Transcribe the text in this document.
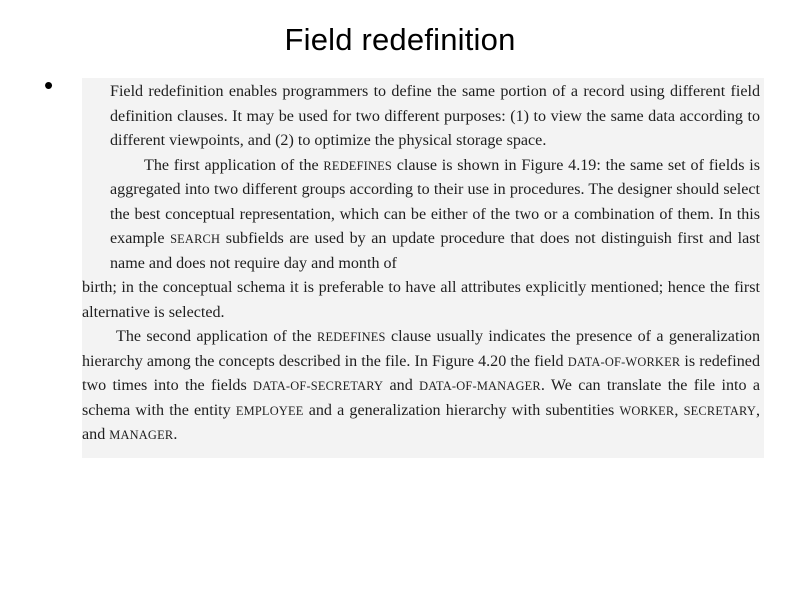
Field redefinition
•	Field redefinition enables programmers to define the same portion of a record using different field definition clauses. It may be used for two different purposes: (1) to view the same data according to different viewpoints, and (2) to optimize the physical storage space.

The first application of the REDEFINES clause is shown in Figure 4.19: the same set of fields is aggregated into two different groups according to their use in procedures. The designer should select the best conceptual representation, which can be either of the two or a combination of them. In this example SEARCH subfields are used by an update procedure that does not distinguish first and last name and does not require day and month of

birth; in the conceptual schema it is preferable to have all attributes explicitly mentioned; hence the first alternative is selected.

The second application of the REDEFINES clause usually indicates the presence of a generalization hierarchy among the concepts described in the file. In Figure 4.20 the field DATA-OF-WORKER is redefined two times into the fields DATA-OF-SECRETARY and DATA-OF-MANAGER. We can translate the file into a schema with the entity EMPLOYEE and a generalization hierarchy with subentities WORKER, SECRETARY, and MANAGER.
